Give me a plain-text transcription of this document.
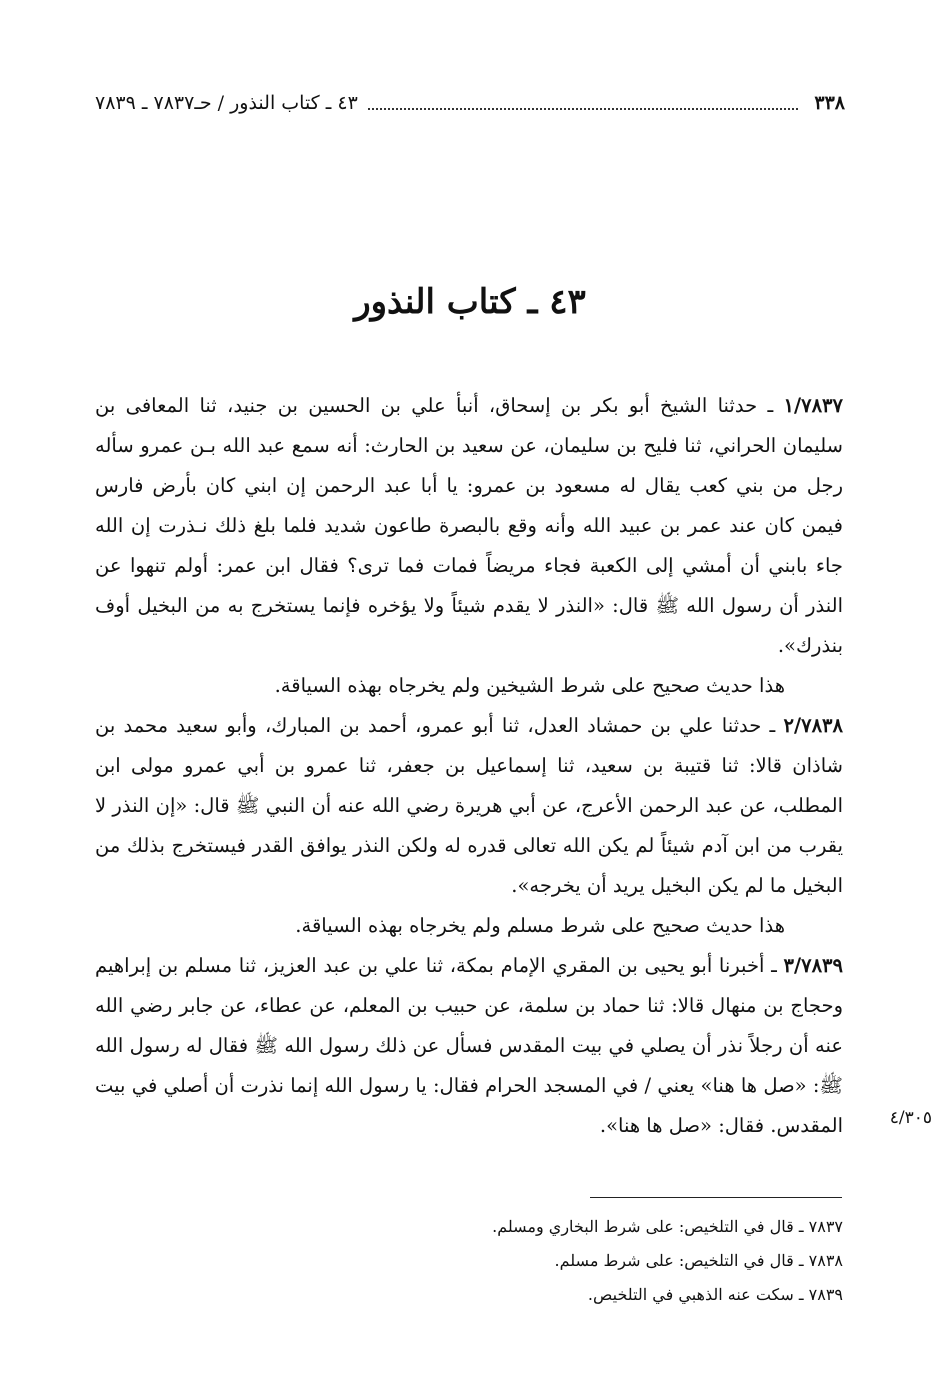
٣٣٨
٤٣ ـ كتاب النذور / حـ٧٨٣٧ ـ ٧٨٣٩
٤٣ ـ كتاب النذور

١/٧٨٣٧ ـ حدثنا الشيخ أبو بكر بن إسحاق، أنبأ علي بن الحسين بن جنيد، ثنا المعافى بن سليمان الحراني، ثنا فليح بن سليمان، عن سعيد بن الحارث: أنه سمع عبد الله بـن عمرو سأله رجل من بني كعب يقال له مسعود بن عمرو: يا أبا عبد الرحمن إن ابني كان بأرض فارس فيمن كان عند عمر بن عبيد الله وأنه وقع بالبصرة طاعون شديد فلما بلغ ذلك نـذرت إن الله جاء بابني أن أمشي إلى الكعبة فجاء مريضاً فمات فما ترى؟ فقال ابن عمر: أولم تنهوا عن النذر أن رسول الله ﷺ قال: «النذر لا يقدم شيئاً ولا يؤخره فإنما يستخرج به من البخيل أوف بنذرك».

هذا حديث صحيح على شرط الشيخين ولم يخرجاه بهذه السياقة.

٢/٧٨٣٨ ـ حدثنا علي بن حمشاد العدل، ثنا أبو عمرو، أحمد بن المبارك، وأبو سعيد محمد بن شاذان قالا: ثنا قتيبة بن سعيد، ثنا إسماعيل بن جعفر، ثنا عمرو بن أبي عمرو مولى ابن المطلب، عن عبد الرحمن الأعرج، عن أبي هريرة رضي الله عنه أن النبي ﷺ قال: «إن النذر لا يقرب من ابن آدم شيئاً لم يكن الله تعالى قدره له ولكن النذر يوافق القدر فيستخرج بذلك من البخيل ما لم يكن البخيل يريد أن يخرجه».

هذا حديث صحيح على شرط مسلم ولم يخرجاه بهذه السياقة.

٣/٧٨٣٩ ـ أخبرنا أبو يحيى بن المقري الإمام بمكة، ثنا علي بن عبد العزيز، ثنا مسلم بن إبراهيم وحجاج بن منهال قالا: ثنا حماد بن سلمة، عن حبيب بن المعلم، عن عطاء، عن جابر رضي الله عنه أن رجلاً نذر أن يصلي في بيت المقدس فسأل عن ذلك رسول الله ﷺ فقال له رسول الله ﷺ: «صل ها هنا» يعني / في المسجد الحرام فقال: يا رسول الله إنما نذرت أن أصلي في بيت المقدس. فقال: «صل ها هنا».	٤/٣٠٥

٧٨٣٧ ـ قال في التلخيص: على شرط البخاري ومسلم.

٧٨٣٨ ـ قال في التلخيص: على شرط مسلم.

٧٨٣٩ ـ سكت عنه الذهبي في التلخيص.
